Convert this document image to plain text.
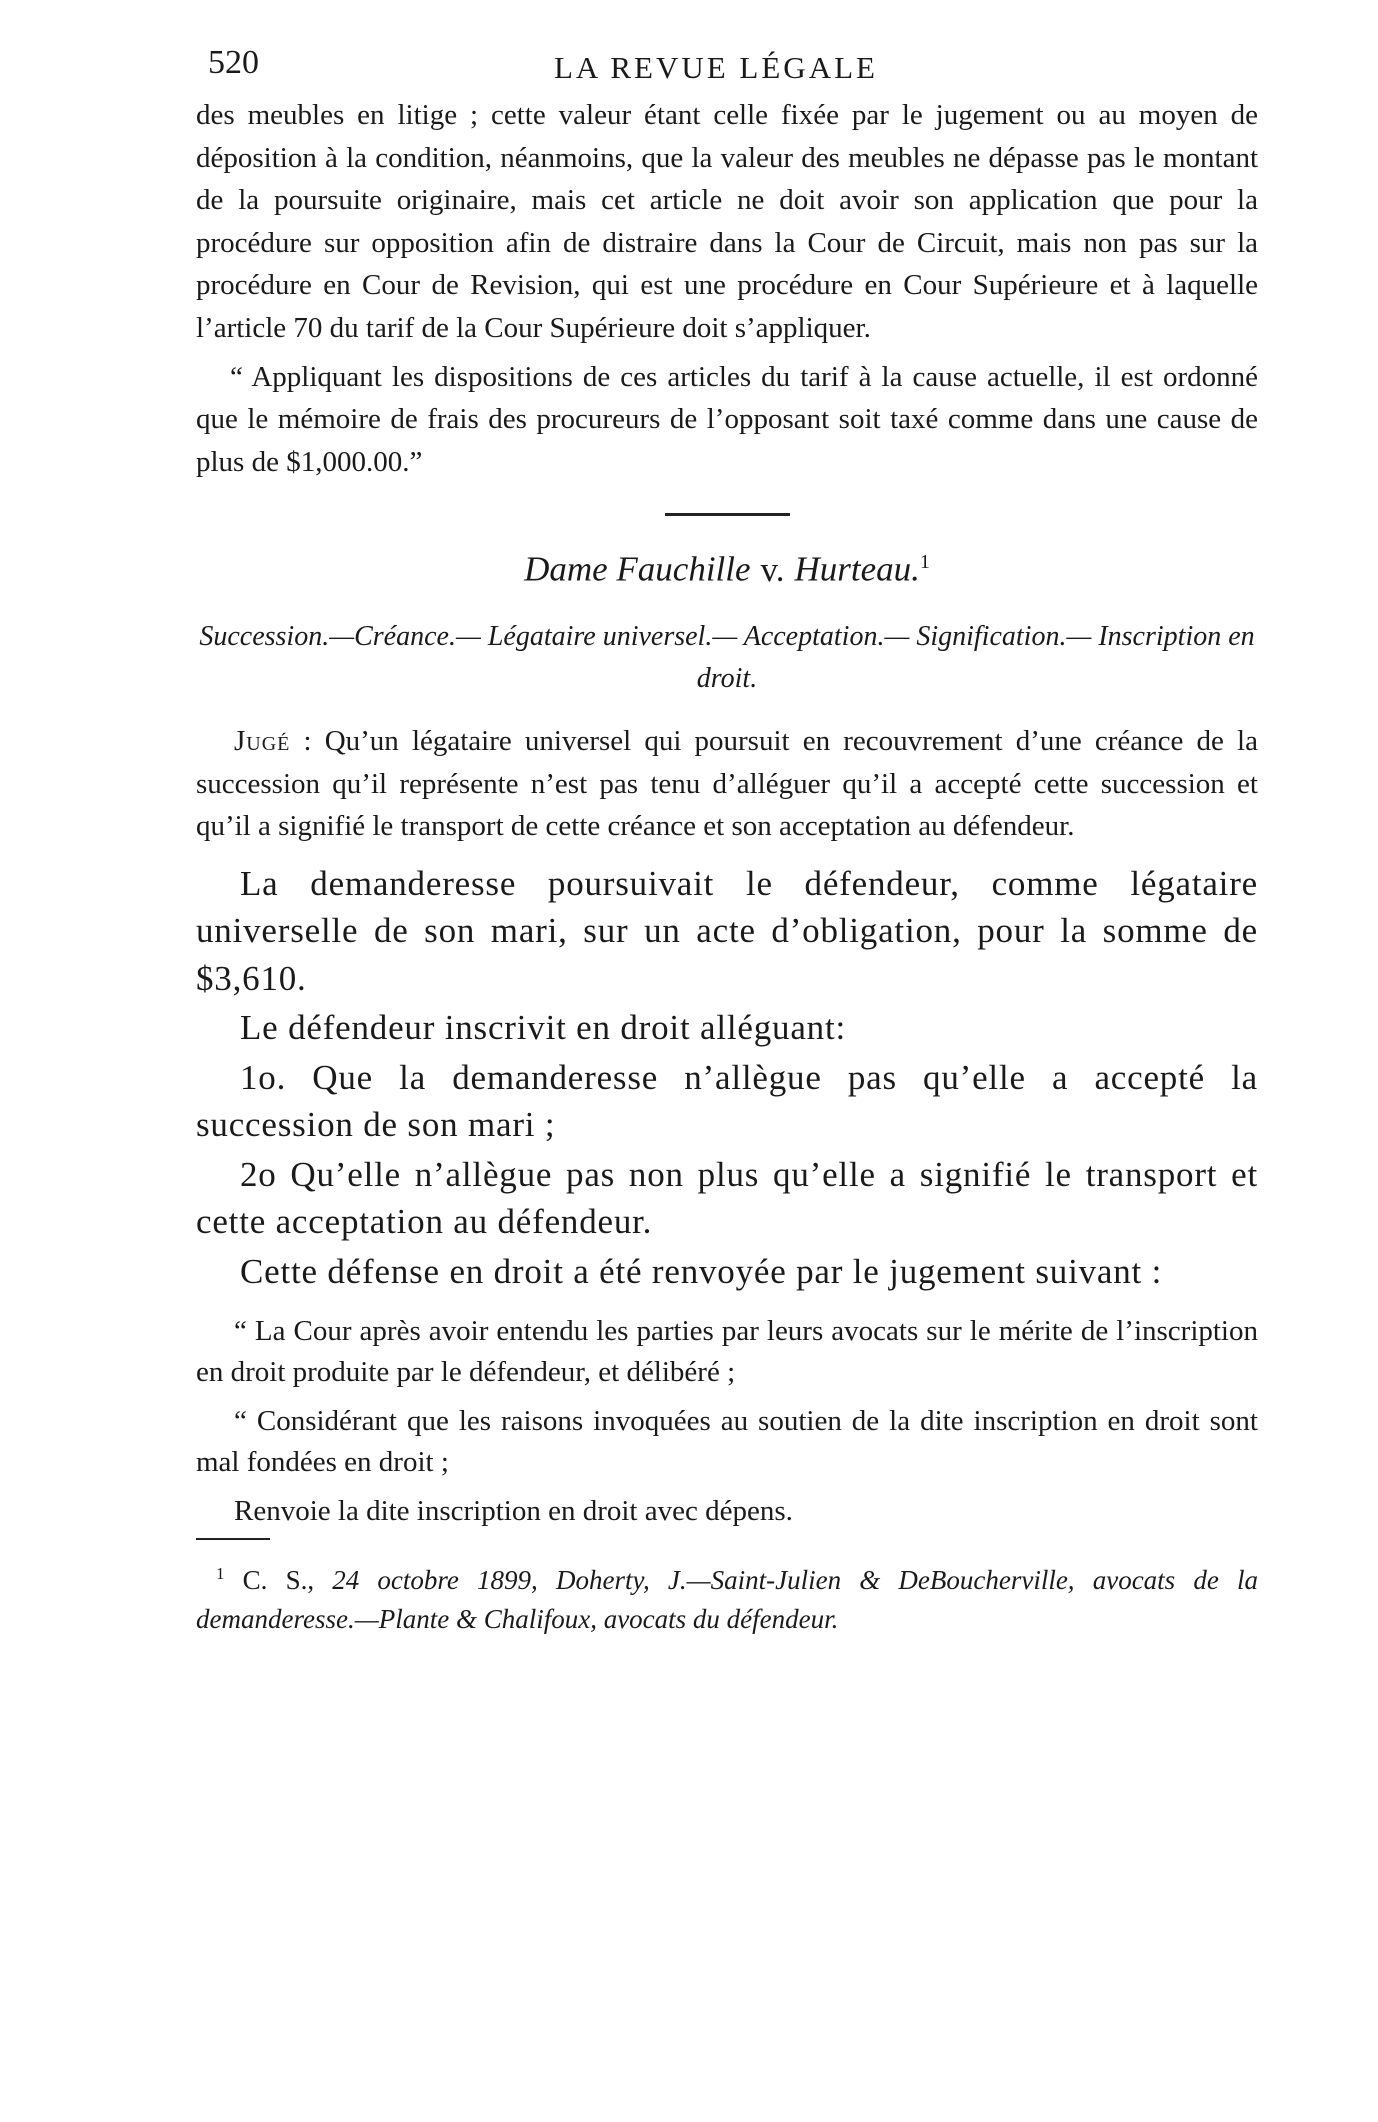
520	LA REVUE LÉGALE

des meubles en litige ; cette valeur étant celle fixée par le jugement ou au moyen de déposition à la condition, néanmoins, que la valeur des meubles ne dépasse pas le montant de la poursuite originaire, mais cet article ne doit avoir son application que pour la procédure sur opposition afin de distraire dans la Cour de Circuit, mais non pas sur la procédure en Cour de Revision, qui est une procédure en Cour Supérieure et à laquelle l’article 70 du tarif de la Cour Supérieure doit s’appliquer.

“ Appliquant les dispositions de ces articles du tarif à la cause actuelle, il est ordonné que le mémoire de frais des procureurs de l’opposant soit taxé comme dans une cause de plus de $1,000.00.”

Dame Fauchille v. Hurteau.$^1$
Succession.—Créance.— Légataire universel.— Acceptation.— Signification.— Inscription en droit.

Jugé : Qu’un légataire universel qui poursuit en recouvrement d’une créance de la succession qu’il représente n’est pas tenu d’alléguer qu’il a accepté cette succession et qu’il a signifié le transport de cette créance et son acceptation au défendeur.

La demanderesse poursuivait le défendeur, comme légataire universelle de son mari, sur un acte d’obligation, pour la somme de $3,610.

Le défendeur inscrivit en droit alléguant:

1o. Que la demanderesse n’allègue pas qu’elle a accepté la succession de son mari ;

2o Qu’elle n’allègue pas non plus qu’elle a signifié le transport et cette acceptation au défendeur.

Cette défense en droit a été renvoyée par le jugement suivant :

“ La Cour après avoir entendu les parties par leurs avocats sur le mérite de l’inscription en droit produite par le défendeur, et délibéré ;

“ Considérant que les raisons invoquées au soutien de la dite inscription en droit sont mal fondées en droit ;

Renvoie la dite inscription en droit avec dépens.

$^1$ C. S., 24 octobre 1899, Doherty, J.—Saint-Julien & DeBoucherville, avocats de la demanderesse.—Plante & Chalifoux, avocats du défendeur.
